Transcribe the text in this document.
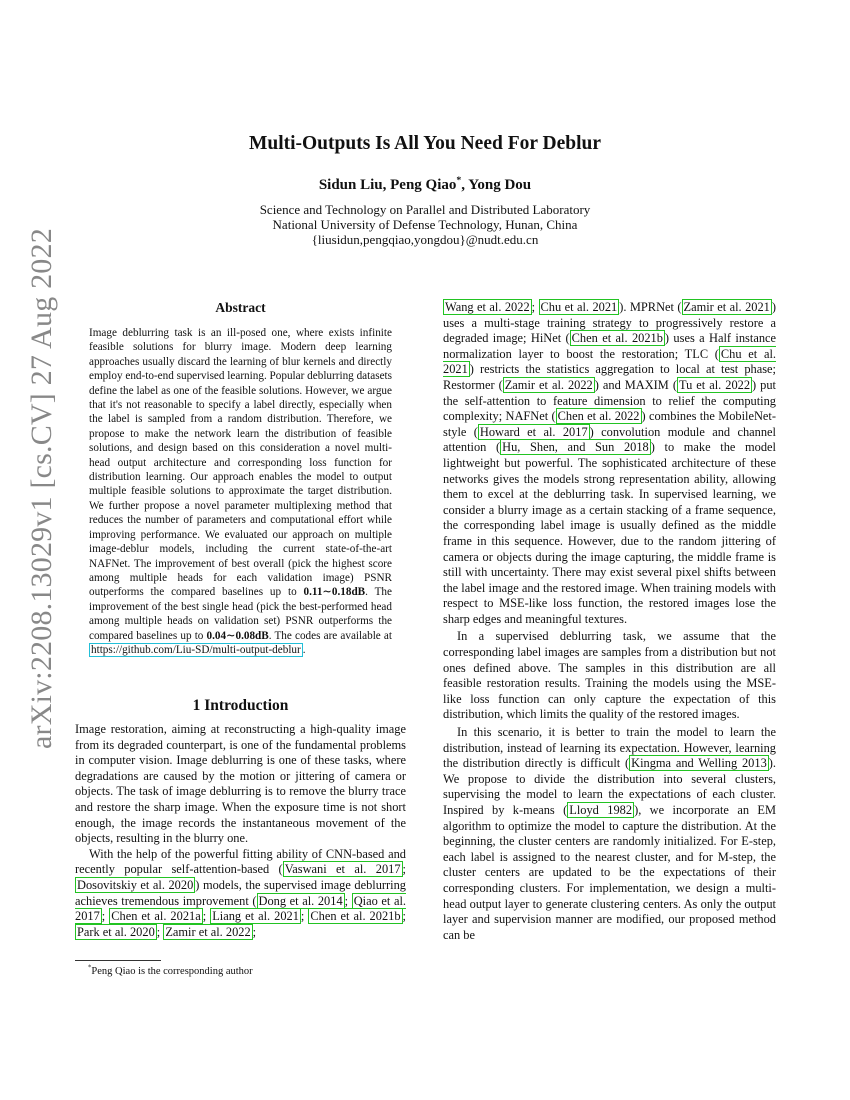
arXiv:2208.13029v1 [cs.CV] 27 Aug 2022
Multi-Outputs Is All You Need For Deblur
Sidun Liu, Peng Qiao*, Yong Dou
Science and Technology on Parallel and Distributed Laboratory
National University of Defense Technology, Hunan, China
{liusidun,pengqiao,yongdou}@nudt.edu.cn
Abstract

Image deblurring task is an ill-posed one, where exists infinite feasible solutions for blurry image. Modern deep learning approaches usually discard the learning of blur kernels and directly employ end-to-end supervised learning. Popular deblurring datasets define the label as one of the feasible solutions. However, we argue that it's not reasonable to specify a label directly, especially when the label is sampled from a random distribution. Therefore, we propose to make the network learn the distribution of feasible solutions, and design based on this consideration a novel multi-head output architecture and corresponding loss function for distribution learning. Our approach enables the model to output multiple feasible solutions to approximate the target distribution. We further propose a novel parameter multiplexing method that reduces the number of parameters and computational effort while improving performance. We evaluated our approach on multiple image-deblur models, including the current state-of-the-art NAFNet. The improvement of best overall (pick the highest score among multiple heads for each validation image) PSNR outperforms the compared baselines up to 0.11∼0.18dB. The improvement of the best single head (pick the best-performed head among multiple heads on validation set) PSNR outperforms the compared baselines up to 0.04∼0.08dB. The codes are available at https://github.com/Liu-SD/multi-output-deblur .

1 Introduction

Image restoration, aiming at reconstructing a high-quality image from its degraded counterpart, is one of the fundamental problems in computer vision. Image deblurring is one of these tasks, where degradations are caused by the motion or jittering of camera or objects. The task of image deblurring is to remove the blurry trace and restore the sharp image. When the exposure time is not short enough, the image records the instantaneous movement of the objects, resulting in the blurry one.

With the help of the powerful fitting ability of CNN-based and recently popular self-attention-based ( Vaswani et al. 2017 ; Dosovitskiy et al. 2020 ) models, the supervised image deblurring achieves tremendous improvement ( Dong et al. 2014 ; Qiao et al. 2017 ; Chen et al. 2021a ; Liang et al. 2021 ; Chen et al. 2021b ; Park et al. 2020 ; Zamir et al. 2022 ;

*Peng Qiao is the corresponding author

Wang et al. 2022 ; Chu et al. 2021 ). MPRNet ( Zamir et al. 2021 ) uses a multi-stage training strategy to progressively restore a degraded image; HiNet ( Chen et al. 2021b ) uses a Half instance normalization layer to boost the restoration; TLC ( Chu et al. 2021 ) restricts the statistics aggregation to local at test phase; Restormer ( Zamir et al. 2022 ) and MAXIM ( Tu et al. 2022 ) put the self-attention to feature dimension to relief the computing complexity; NAFNet ( Chen et al. 2022 ) combines the MobileNet-style ( Howard et al. 2017 ) convolution module and channel attention ( Hu, Shen, and Sun 2018 ) to make the model lightweight but powerful. The sophisticated architecture of these networks gives the models strong representation ability, allowing them to excel at the deblurring task. In supervised learning, we consider a blurry image as a certain stacking of a frame sequence, the corresponding label image is usually defined as the middle frame in this sequence. However, due to the random jittering of camera or objects during the image capturing, the middle frame is still with uncertainty. There may exist several pixel shifts between the label image and the restored image. When training models with respect to MSE-like loss function, the restored images lose the sharp edges and meaningful textures.

In a supervised deblurring task, we assume that the corresponding label images are samples from a distribution but not ones defined above. The samples in this distribution are all feasible restoration results. Training the models using the MSE-like loss function can only capture the expectation of this distribution, which limits the quality of the restored images.

In this scenario, it is better to train the model to learn the distribution, instead of learning its expectation. However, learning the distribution directly is difficult ( Kingma and Welling 2013 ). We propose to divide the distribution into several clusters, supervising the model to learn the expectations of each cluster. Inspired by k-means ( Lloyd 1982 ), we incorporate an EM algorithm to optimize the model to capture the distribution. At the beginning, the cluster centers are randomly initialized. For E-step, each label is assigned to the nearest cluster, and for M-step, the cluster centers are updated to be the expectations of their corresponding clusters. For implementation, we design a multi-head output layer to generate clustering centers. As only the output layer and supervision manner are modified, our proposed method can be
